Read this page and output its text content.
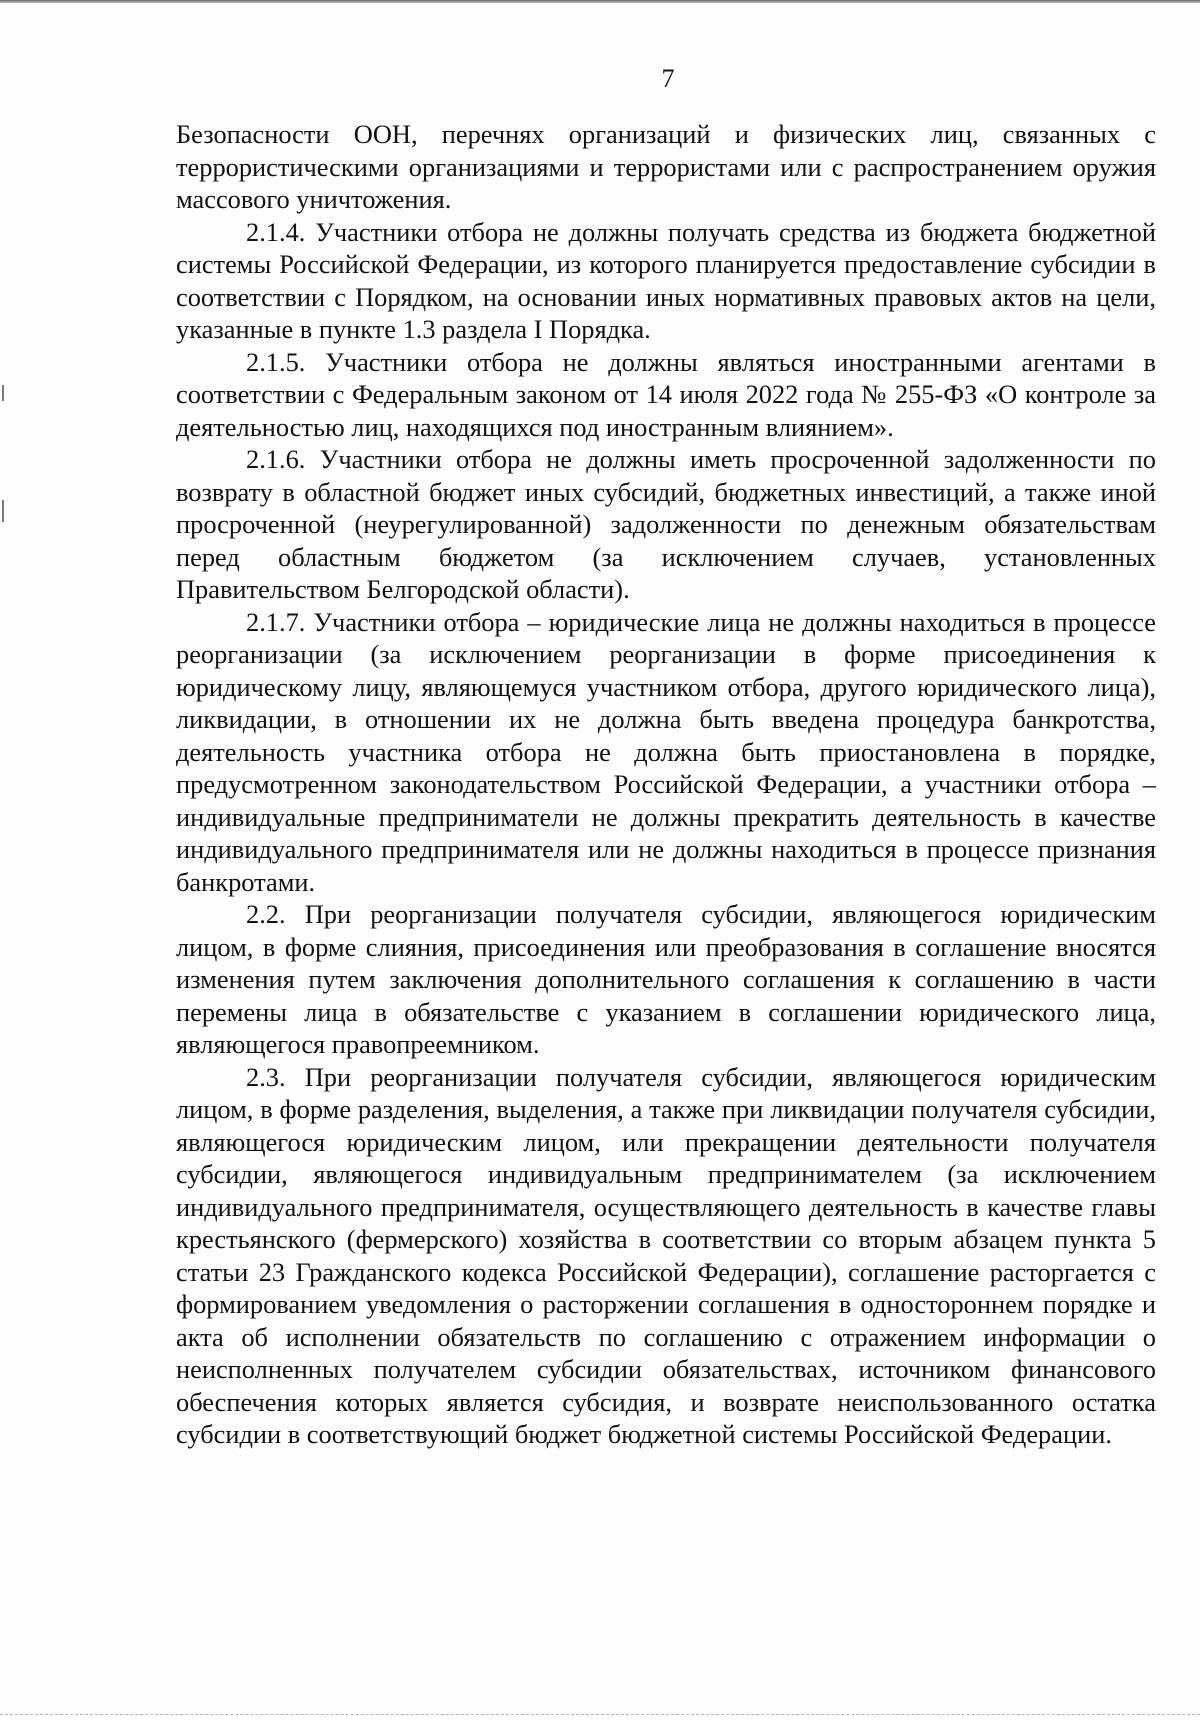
7

Безопасности ООН, перечнях организаций и физических лиц, связанных с террористическими организациями и террористами или с распространением оружия массового уничтожения.

2.1.4. Участники отбора не должны получать средства из бюджета бюджетной системы Российской Федерации, из которого планируется предоставление субсидии в соответствии с Порядком, на основании иных нормативных правовых актов на цели, указанные в пункте 1.3 раздела I Порядка.

2.1.5. Участники отбора не должны являться иностранными агентами в соответствии с Федеральным законом от 14 июля 2022 года № 255-ФЗ «О контроле за деятельностью лиц, находящихся под иностранным влиянием».

2.1.6. Участники отбора не должны иметь просроченной задолженности по возврату в областной бюджет иных субсидий, бюджетных инвестиций, а также иной просроченной (неурегулированной) задолженности по денежным обязательствам перед областным бюджетом (за исключением случаев, установленных Правительством Белгородской области).

2.1.7. Участники отбора – юридические лица не должны находиться в процессе реорганизации (за исключением реорганизации в форме присоединения к юридическому лицу, являющемуся участником отбора, другого юридического лица), ликвидации, в отношении их не должна быть введена процедура банкротства, деятельность участника отбора не должна быть приостановлена в порядке, предусмотренном законодательством Российской Федерации, а участники отбора – индивидуальные предприниматели не должны прекратить деятельность в качестве индивидуального предпринимателя или не должны находиться в процессе признания банкротами.

2.2. При реорганизации получателя субсидии, являющегося юридическим лицом, в форме слияния, присоединения или преобразования в соглашение вносятся изменения путем заключения дополнительного соглашения к соглашению в части перемены лица в обязательстве с указанием в соглашении юридического лица, являющегося правопреемником.

2.3. При реорганизации получателя субсидии, являющегося юридическим лицом, в форме разделения, выделения, а также при ликвидации получателя субсидии, являющегося юридическим лицом, или прекращении деятельности получателя субсидии, являющегося индивидуальным предпринимателем (за исключением индивидуального предпринимателя, осуществляющего деятельность в качестве главы крестьянского (фермерского) хозяйства в соответствии со вторым абзацем пункта 5 статьи 23 Гражданского кодекса Российской Федерации), соглашение расторгается с формированием уведомления о расторжении соглашения в одностороннем порядке и акта об исполнении обязательств по соглашению с отражением информации о неисполненных получателем субсидии обязательствах, источником финансового обеспечения которых является субсидия, и возврате неиспользованного остатка субсидии в соответствующий бюджет бюджетной системы Российской Федерации.
